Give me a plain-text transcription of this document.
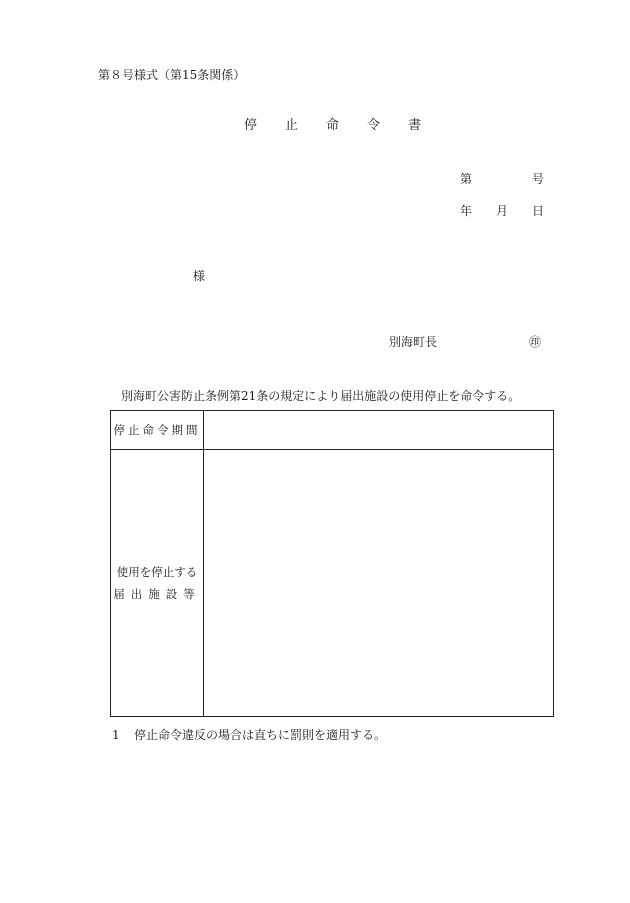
第８号様式（第15条関係）
停 止 命 令 書
第	号
年 月 日
様
別海町長	㊞
別海町公害防止条例第21条の規定により届出施設の使用停止を命令する。
停止命令期間	

使用を停止する
届出施設等	

1 停止命令違反の場合は直ちに罰則を適用する。
